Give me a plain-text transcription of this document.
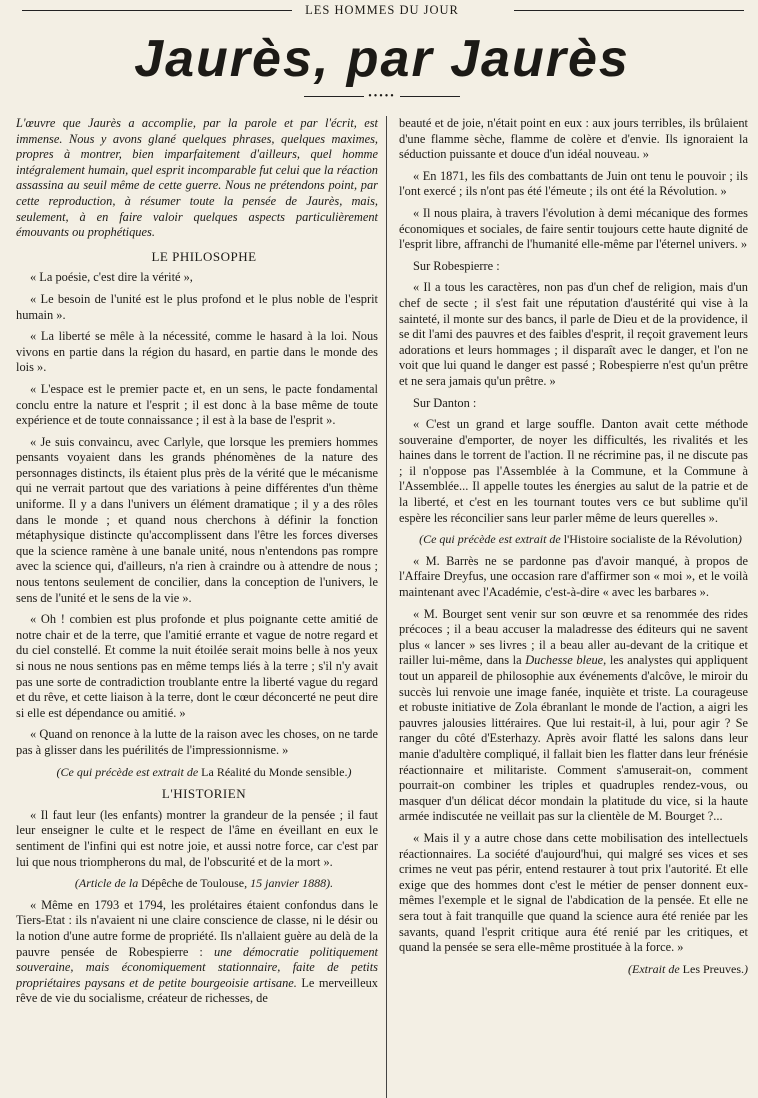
LES HOMMES DU JOUR
Jaurès, par Jaurès
•••••

L'œuvre que Jaurès a accomplie, par la parole et par l'écrit, est immense. Nous y avons glané quelques phrases, quelques maximes, propres à montrer, bien imparfaitement d'ailleurs, quel homme intégralement humain, quel esprit incomparable fut celui que la réaction assassina au seuil même de cette guerre. Nous ne prétendons point, par cette reproduction, à résumer toute la pensée de Jaurès, mais, seulement, à en faire valoir quelques aspects particulièrement émouvants ou prophétiques.

LE PHILOSOPHE

« La poésie, c'est dire la vérité »,

« Le besoin de l'unité est le plus profond et le plus noble de l'esprit humain ».

« La liberté se mêle à la nécessité, comme le hasard à la loi. Nous vivons en partie dans la région du hasard, en partie dans le monde des lois ».

« L'espace est le premier pacte et, en un sens, le pacte fondamental conclu entre la nature et l'esprit ; il est donc à la base même de toute expérience et de toute connaissance ; il est à la base de l'esprit ».

« Je suis convaincu, avec Carlyle, que lorsque les premiers hommes pensants voyaient dans les grands phénomènes de la nature des personnages distincts, ils étaient plus près de la vérité que le mécanisme qui ne verrait partout que des variations à peine différentes d'un thème uniforme. Il y a dans l'univers un élément dramatique ; il y a des rôles dans le monde ; et quand nous cherchons à définir la fonction métaphysique distincte qu'accomplissent dans l'être les forces diverses que la science ramène à une banale unité, nous n'entendons pas rompre avec la science qui, d'ailleurs, n'a rien à craindre ou à attendre de nous ; nous tentons seulement de concilier, dans la conception de l'univers, le sens de l'unité et le sens de la vie ».

« Oh ! combien est plus profonde et plus poignante cette amitié de notre chair et de la terre, que l'amitié errante et vague de notre regard et du ciel constellé. Et comme la nuit étoilée serait moins belle à nos yeux si nous ne nous sentions pas en même temps liés à la terre ; s'il n'y avait pas une sorte de contradiction troublante entre la liberté vague du regard et du rêve, et cette liaison à la terre, dont le cœur déconcerté ne peut dire si elle est dépendance ou amitié. »

« Quand on renonce à la lutte de la raison avec les choses, on ne tarde pas à glisser dans les puérilités de l'impressionnisme. »

(Ce qui précède est extrait de La Réalité du Monde sensible.)

L'HISTORIEN

« Il faut leur (les enfants) montrer la grandeur de la pensée ; il faut leur enseigner le culte et le respect de l'âme en éveillant en eux le sentiment de l'infini qui est notre joie, et aussi notre force, car c'est par lui que nous triompherons du mal, de l'obscurité et de la mort ».

(Article de la Dépêche de Toulouse, 15 janvier 1888).

« Même en 1793 et 1794, les prolétaires étaient confondus dans le Tiers-Etat : ils n'avaient ni une claire conscience de classe, ni le désir ou la notion d'une autre forme de propriété. Ils n'allaient guère au delà de la pauvre pensée de Robespierre : une démocratie politiquement souveraine, mais économiquement stationnaire, faite de petits propriétaires paysans et de petite bourgeoisie artisane. Le merveilleux rêve de vie du socialisme, créateur de richesses, de

beauté et de joie, n'était point en eux : aux jours terribles, ils brûlaient d'une flamme sèche, flamme de colère et d'envie. Ils ignoraient la séduction puissante et douce d'un idéal nouveau. »

« En 1871, les fils des combattants de Juin ont tenu le pouvoir ; ils l'ont exercé ; ils n'ont pas été l'émeute ; ils ont été la Révolution. »

« Il nous plaira, à travers l'évolution à demi mécanique des formes économiques et sociales, de faire sentir toujours cette haute dignité de l'esprit libre, affranchi de l'humanité elle-même par l'éternel univers. »

Sur Robespierre :

« Il a tous les caractères, non pas d'un chef de religion, mais d'un chef de secte ; il s'est fait une réputation d'austérité qui vise à la sainteté, il monte sur des bancs, il parle de Dieu et de la providence, il se dit l'ami des pauvres et des faibles d'esprit, il reçoit gravement leurs adorations et leurs hommages ; il disparaît avec le danger, et l'on ne voit que lui quand le danger est passé ; Robespierre n'est qu'un prêtre et ne sera jamais qu'un prêtre. »

Sur Danton :

« C'est un grand et large souffle. Danton avait cette méthode souveraine d'emporter, de noyer les difficultés, les rivalités et les haines dans le torrent de l'action. Il ne récrimine pas, il ne discute pas ; il n'oppose pas l'Assemblée à la Commune, et la Commune à l'Assemblée... Il appelle toutes les énergies au salut de la patrie et de la liberté, et c'est en les tournant toutes vers ce but sublime qu'il espère les réconcilier sans leur parler même de leurs querelles ».

(Ce qui précède est extrait de l'Histoire socialiste de la Révolution)

« M. Barrès ne se pardonne pas d'avoir manqué, à propos de l'Affaire Dreyfus, une occasion rare d'affirmer son « moi », et le voilà maintenant avec l'Académie, c'est-à-dire « avec les barbares ».

« M. Bourget sent venir sur son œuvre et sa renommée des rides précoces ; il a beau accuser la maladresse des éditeurs qui ne savent plus « lancer » ses livres ; il a beau aller au-devant de la critique et railler lui-même, dans la Duchesse bleue, les analystes qui appliquent tout un appareil de philosophie aux événements d'alcôve, le miroir du succès lui renvoie une image fanée, inquiète et triste. La courageuse et robuste initiative de Zola ébranlant le monde de l'action, a aigri les pauvres jalousies littéraires. Que lui restait-il, à lui, pour agir ? Se ranger du côté d'Esterhazy. Après avoir flatté les salons dans leur manie d'adultère compliqué, il fallait bien les flatter dans leur frénésie réactionnaire et militariste. Comment s'amuserait-on, comment pourrait-on combiner les triples et quadruples rendez-vous, ou masquer d'un délicat décor mondain la platitude du vice, si la haute armée indiscutée ne veillait pas sur la clientèle de M. Bourget ?...

« Mais il y a autre chose dans cette mobilisation des intellectuels réactionnaires. La société d'aujourd'hui, qui malgré ses vices et ses crimes ne veut pas périr, entend restaurer à tout prix l'autorité. Et elle exige que des hommes dont c'est le métier de penser donnent eux-mêmes l'exemple et le signal de l'abdication de la pensée. Et elle ne sera tout à fait tranquille que quand la science aura été reniée par les savants, quand l'esprit critique aura été renié par les critiques, et quand la pensée se sera elle-même prostituée à la force. »

(Extrait de Les Preuves.)
